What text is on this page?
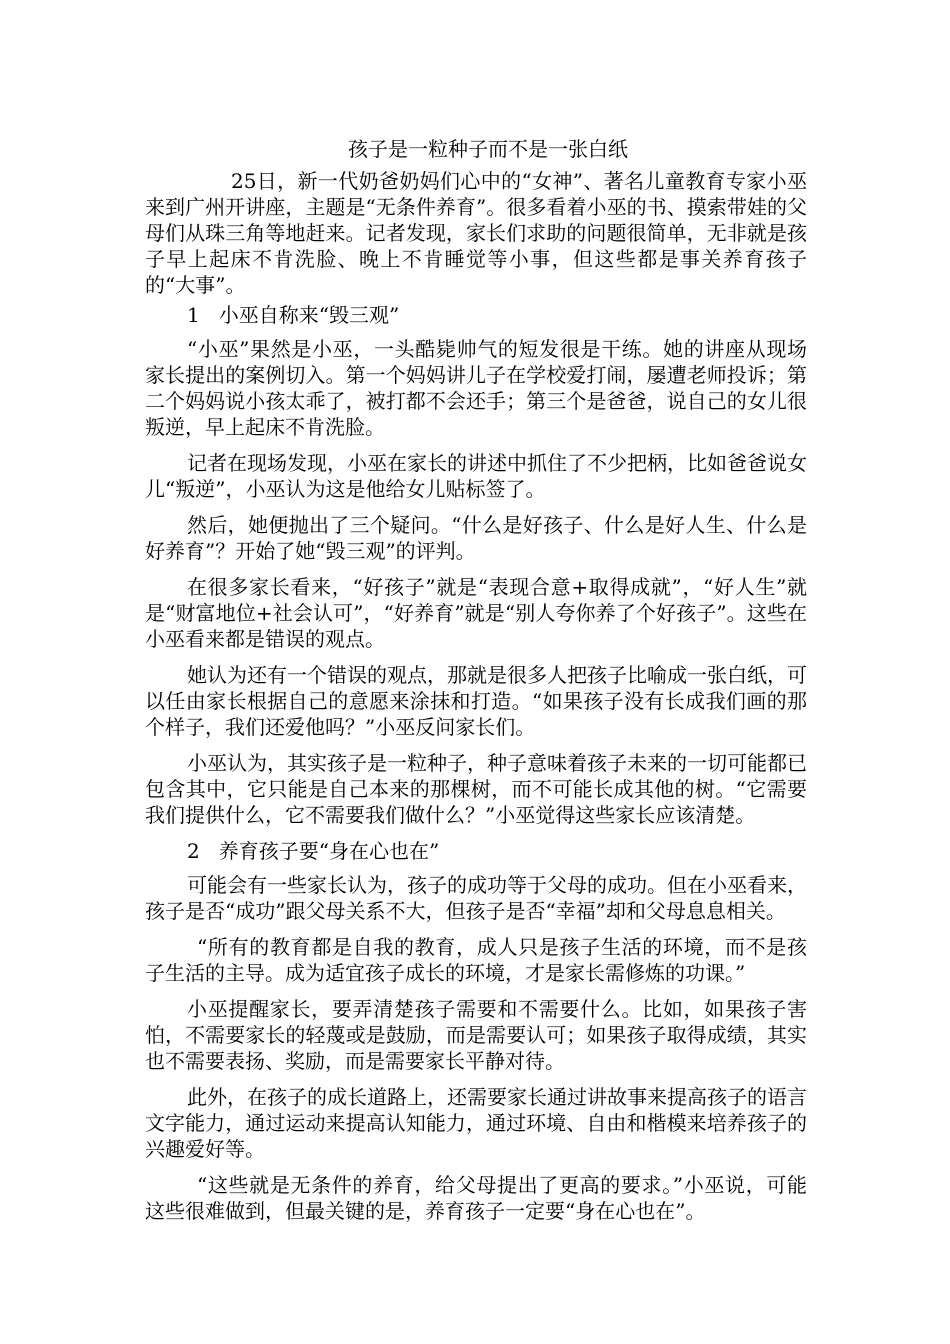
孩子是一粒种子而不是一张白纸

25日，新一代奶爸奶妈们心中的“女神”、著名儿童教育专家小巫来到广州开讲座，主题是“无条件养育”。很多看着小巫的书、摸索带娃的父母们从珠三角等地赶来。记者发现，家长们求助的问题很简单，无非就是孩子早上起床不肯洗脸、晚上不肯睡觉等小事，但这些都是事关养育孩子的“大事”。

1   小巫自称来“毁三观”

“小巫”果然是小巫，一头酷毙帅气的短发很是干练。她的讲座从现场家长提出的案例切入。第一个妈妈讲儿子在学校爱打闹，屡遭老师投诉；第二个妈妈说小孩太乖了，被打都不会还手；第三个是爸爸，说自己的女儿很叛逆，早上起床不肯洗脸。

记者在现场发现，小巫在家长的讲述中抓住了不少把柄，比如爸爸说女儿“叛逆”，小巫认为这是他给女儿贴标签了。

然后，她便抛出了三个疑问。“什么是好孩子、什么是好人生、什么是好养育”？开始了她“毁三观”的评判。

在很多家长看来，“好孩子”就是“表现合意+取得成就”，“好人生”就是“财富地位+社会认可”，“好养育”就是“别人夸你养了个好孩子”。这些在小巫看来都是错误的观点。

她认为还有一个错误的观点，那就是很多人把孩子比喻成一张白纸，可以任由家长根据自己的意愿来涂抹和打造。“如果孩子没有长成我们画的那个样子，我们还爱他吗？”小巫反问家长们。

小巫认为，其实孩子是一粒种子，种子意味着孩子未来的一切可能都已包含其中，它只能是自己本来的那棵树，而不可能长成其他的树。“它需要我们提供什么，它不需要我们做什么？”小巫觉得这些家长应该清楚。

2   养育孩子要“身在心也在”

可能会有一些家长认为，孩子的成功等于父母的成功。但在小巫看来，孩子是否“成功”跟父母关系不大，但孩子是否“幸福”却和父母息息相关。

“所有的教育都是自我的教育，成人只是孩子生活的环境，而不是孩子生活的主导。成为适宜孩子成长的环境，才是家长需修炼的功课。”

小巫提醒家长，要弄清楚孩子需要和不需要什么。比如，如果孩子害怕，不需要家长的轻蔑或是鼓励，而是需要认可；如果孩子取得成绩，其实也不需要表扬、奖励，而是需要家长平静对待。

此外，在孩子的成长道路上，还需要家长通过讲故事来提高孩子的语言文字能力，通过运动来提高认知能力，通过环境、自由和楷模来培养孩子的兴趣爱好等。

“这些就是无条件的养育，给父母提出了更高的要求。”小巫说，可能这些很难做到，但最关键的是，养育孩子一定要“身在心也在”。
